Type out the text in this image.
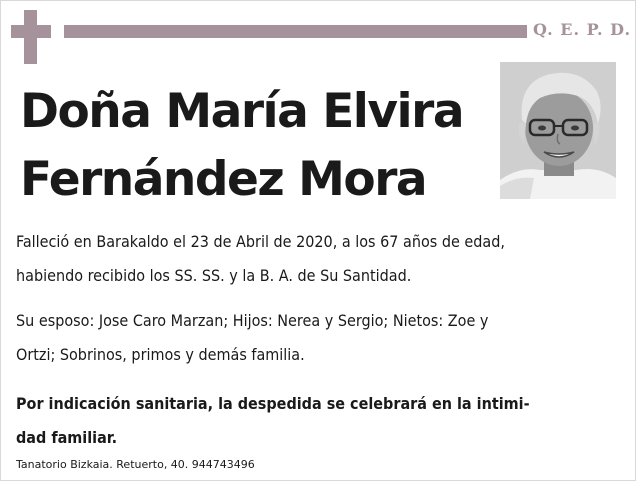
Q. E. P. D.
Doña María Elvira
Fernández Mora

Falleció en Barakaldo el 23 de Abril de 2020, a los 67 años de edad,
habiendo recibido los SS. SS. y la B. A. de Su Santidad.

Su esposo: Jose Caro Marzan; Hijos: Nerea y Sergio; Nietos: Zoe y
Ortzi; Sobrinos, primos y demás familia.

Por indicación sanitaria, la despedida se celebrará en la intimi-
dad familiar.

Tanatorio Bizkaia. Retuerto, 40. 944743496
